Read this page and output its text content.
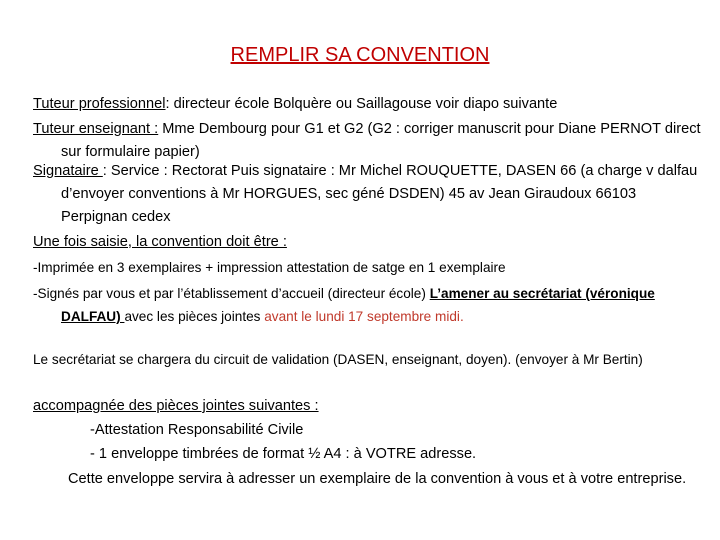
REMPLIR SA CONVENTION
Tuteur professionnel: directeur école Bolquère ou Saillagouse voir diapo suivante
Tuteur enseignant : Mme Dembourg pour G1 et G2 (G2 : corriger manuscrit pour Diane PERNOT direct sur formulaire papier)
Signataire : Service : Rectorat Puis signataire : Mr Michel ROUQUETTE, DASEN 66 (a charge v dalfau d’envoyer conventions à Mr HORGUES, sec géné DSDEN) 45 av Jean Giraudoux 66103 Perpignan cedex
Une fois saisie, la convention doit être :
-Imprimée en 3 exemplaires + impression attestation de satge en 1 exemplaire
-Signés par vous et par l’établissement d’accueil (directeur école) L’amener au secrétariat (véronique DALFAU) avec les pièces jointes avant le lundi 17 septembre midi.
Le secrétariat se chargera du circuit de validation (DASEN, enseignant, doyen). (envoyer à Mr Bertin)
accompagnée des pièces jointes suivantes :
-Attestation Responsabilité Civile
- 1 enveloppe timbrées de format ½ A4 : à VOTRE adresse.
Cette enveloppe servira à adresser un exemplaire de la convention à vous et à votre entreprise.
